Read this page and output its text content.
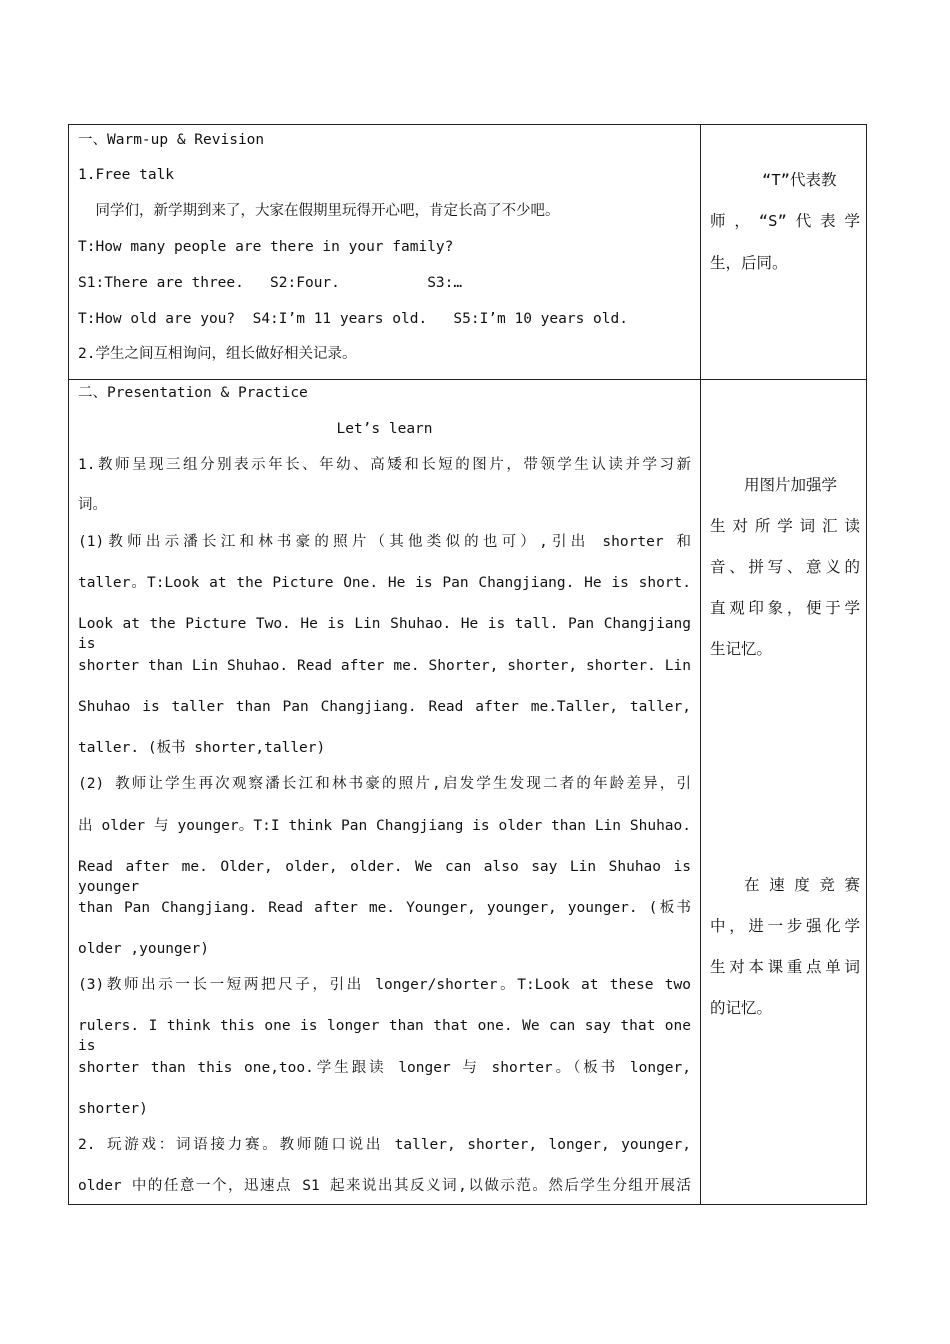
一、Warm-up & Revision
1.Free talk
同学们，新学期到来了，大家在假期里玩得开心吧，肯定长高了不少吧。
T:How many people are there in your family?
S1:There are three.   S2:Four.          S3:…
T:How old are you?  S4:I’m 11 years old.   S5:I’m 10 years old.
2.学生之间互相询问，组长做好相关记录。
“T”代表教
师，“S”代表学
生，后同。
二、Presentation & Practice
Let’s learn
1.教师呈现三组分别表示年长、年幼、高矮和长短的图片，带领学生认读并学习新
词。
(1)教师出示潘长江和林书豪的照片（其他类似的也可）,引出 shorter 和
taller。T:Look at the Picture One. He is Pan Changjiang. He is short.
Look at the Picture Two. He is Lin Shuhao. He is tall. Pan Changjiang is
shorter than Lin Shuhao. Read after me. Shorter, shorter, shorter. Lin
Shuhao is taller than Pan Changjiang. Read after me.Taller, taller,
taller. (板书 shorter,taller)
(2) 教师让学生再次观察潘长江和林书豪的照片,启发学生发现二者的年龄差异，引
出 older 与 younger。T:I think Pan Changjiang is older than Lin Shuhao.
Read after me. Older, older, older. We can also say Lin Shuhao is younger
than Pan Changjiang. Read after me. Younger, younger, younger. (板书
older ,younger)
(3)教师出示一长一短两把尺子，引出 longer/shorter。T:Look at these two
rulers. I think this one is longer than that one. We can say that one is
shorter than this one,too.学生跟读 longer 与 shorter。（板书 longer,
shorter)
2. 玩游戏：词语接力赛。教师随口说出 taller, shorter, longer, younger,
older 中的任意一个，迅速点 S1 起来说出其反义词,以做示范。然后学生分组开展活
用图片加强学
生对所学词汇读
音、拼写、意义的
直观印象，便于学
生记忆。
在速度竞赛
中，进一步强化学
生对本课重点单词
的记忆。
